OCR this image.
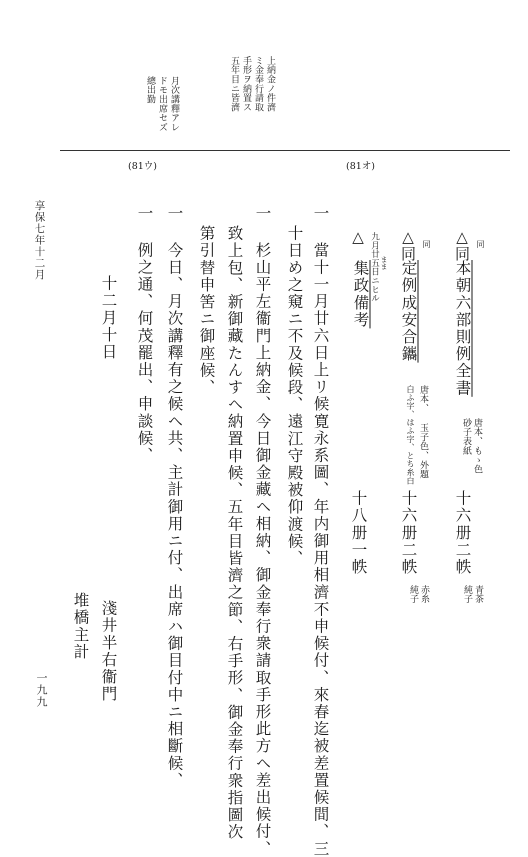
上納金ノ件濟
ミ金奉行請取
手形ヲ納置ス
五年目ニ皆濟
月次講釋アレ
ドモ出席セズ
總出勤
(81ウ)	(81オ)
享保七年十二月
一九九
△同 同
本朝六部則例全書
唐本、もゝ色
砂子表紙
十六册二帙
青茶
純子
△同 同
定例成安合鑴
唐本、 玉子色、外題
白ふ字、はふ字、とち糸白
十六册二帙
赤糸
純子
△ 九月廿五日ニヒル まま
集政備考
十八册一帙
一 當十一月廿六日上リ候寛永系圖、年内御用相濟不申候付、來春迄被差置候間、三
十日め之窺ニ不及候段、遠江守殿被仰渡候、
一 杉山平左衞門上納金、今日御金藏ヘ相納、御金奉行衆請取手形此方ヘ差出候付、
致上包、新御藏たんすヘ納置申候、五年目皆濟之節、右手形、御金奉行衆指圖次
第引替申筈ニ御座候、
一 今日、月次講釋有之候ヘ共、主計御用ニ付、出席ハ御目付中ニ相斷候、
一 例之通、何茂罷出、申談候、
十二月十日
淺井半右衞門
堆橋主計
